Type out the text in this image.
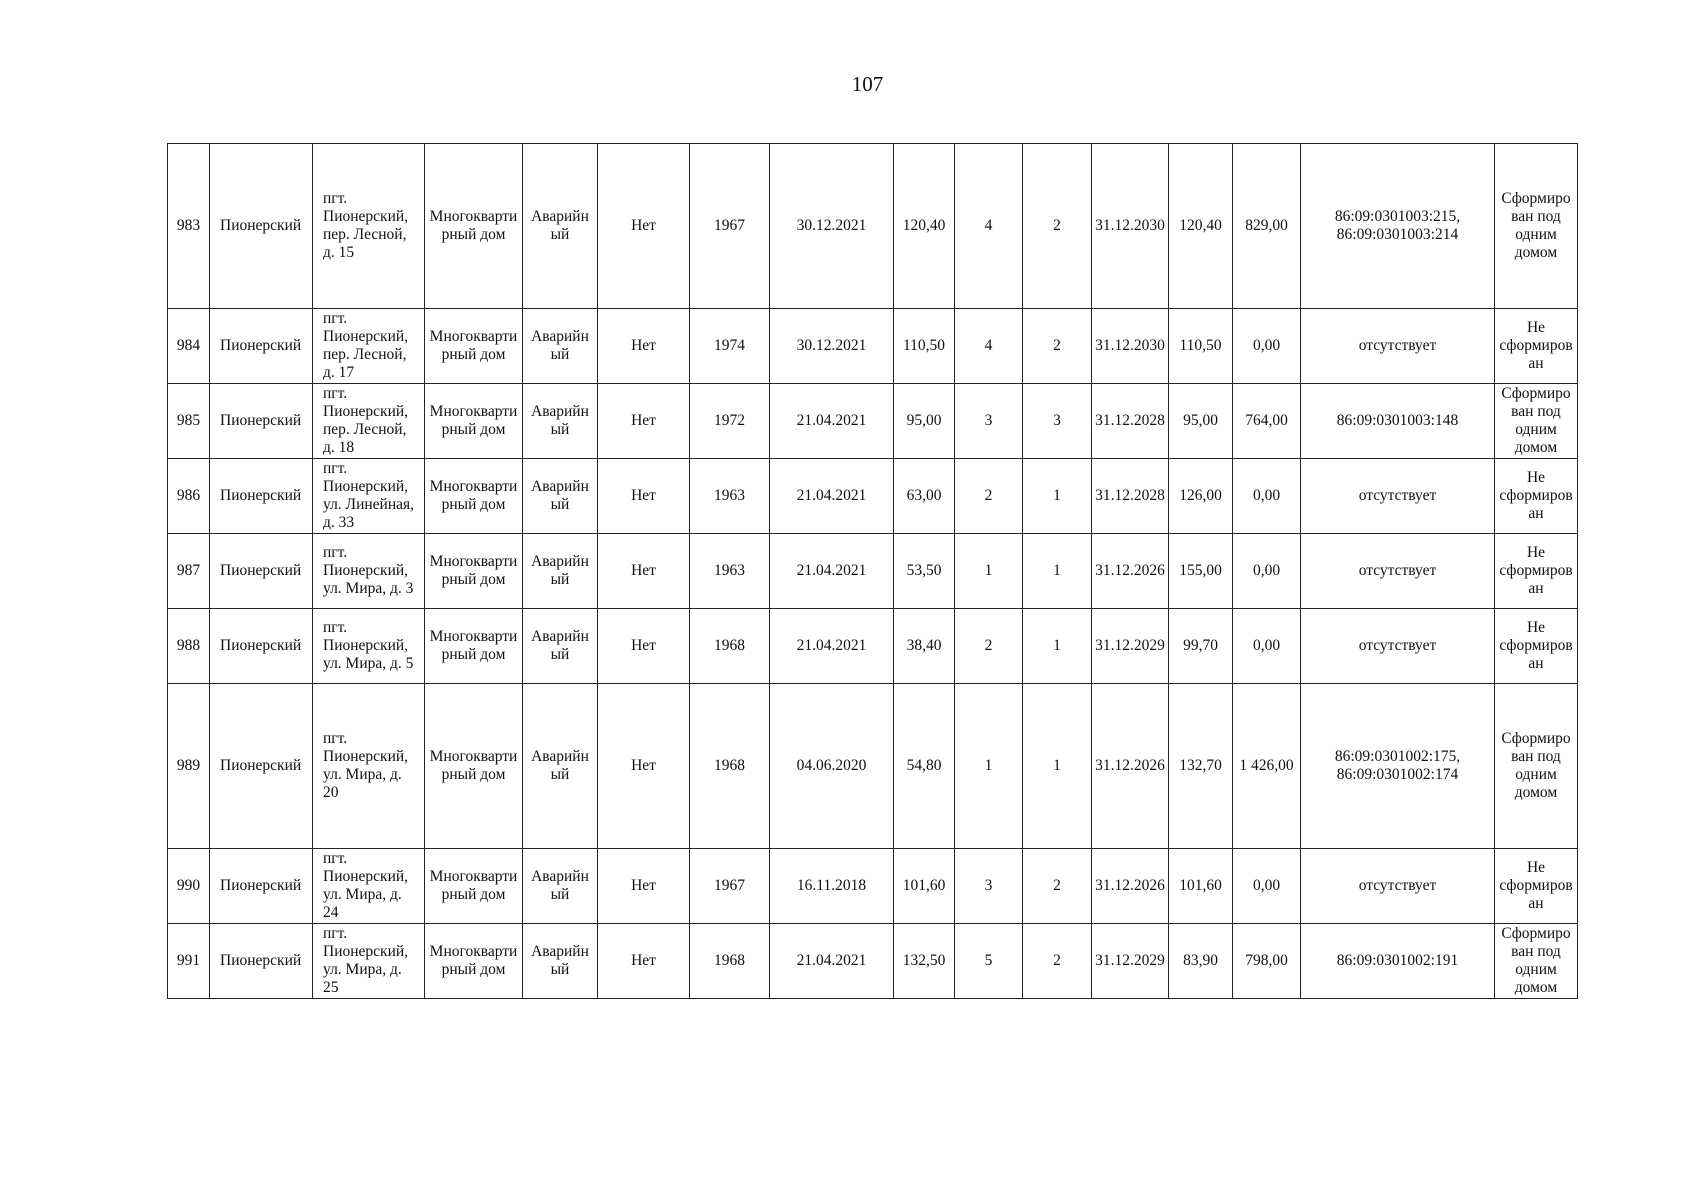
107
983	Пионерский	пгт. Пионерский, пер. Лесной, д. 15	Многоквартирный дом	Аварийный	Нет	1967	30.12.2021	120,40	4	2	31.12.2030	120,40	829,00	86:09:0301003:215, 86:09:0301003:214	Сформирован под одним домом
984	Пионерский	пгт. Пионерский, пер. Лесной, д. 17	Многоквартирный дом	Аварийный	Нет	1974	30.12.2021	110,50	4	2	31.12.2030	110,50	0,00	отсутствует	Не сформирован
985	Пионерский	пгт. Пионерский, пер. Лесной, д. 18	Многоквартирный дом	Аварийный	Нет	1972	21.04.2021	95,00	3	3	31.12.2028	95,00	764,00	86:09:0301003:148	Сформирован под одним домом
986	Пионерский	пгт. Пионерский, ул. Линейная, д. 33	Многоквартирный дом	Аварийный	Нет	1963	21.04.2021	63,00	2	1	31.12.2028	126,00	0,00	отсутствует	Не сформирован
987	Пионерский	пгт. Пионерский, ул. Мира, д. 3	Многоквартирный дом	Аварийный	Нет	1963	21.04.2021	53,50	1	1	31.12.2026	155,00	0,00	отсутствует	Не сформирован
988	Пионерский	пгт. Пионерский, ул. Мира, д. 5	Многоквартирный дом	Аварийный	Нет	1968	21.04.2021	38,40	2	1	31.12.2029	99,70	0,00	отсутствует	Не сформирован
989	Пионерский	пгт. Пионерский, ул. Мира, д. 20	Многоквартирный дом	Аварийный	Нет	1968	04.06.2020	54,80	1	1	31.12.2026	132,70	1 426,00	86:09:0301002:175, 86:09:0301002:174	Сформирован под одним домом
990	Пионерский	пгт. Пионерский, ул. Мира, д. 24	Многоквартирный дом	Аварийный	Нет	1967	16.11.2018	101,60	3	2	31.12.2026	101,60	0,00	отсутствует	Не сформирован
991	Пионерский	пгт. Пионерский, ул. Мира, д. 25	Многоквартирный дом	Аварийный	Нет	1968	21.04.2021	132,50	5	2	31.12.2029	83,90	798,00	86:09:0301002:191	Сформирован под одним домом
